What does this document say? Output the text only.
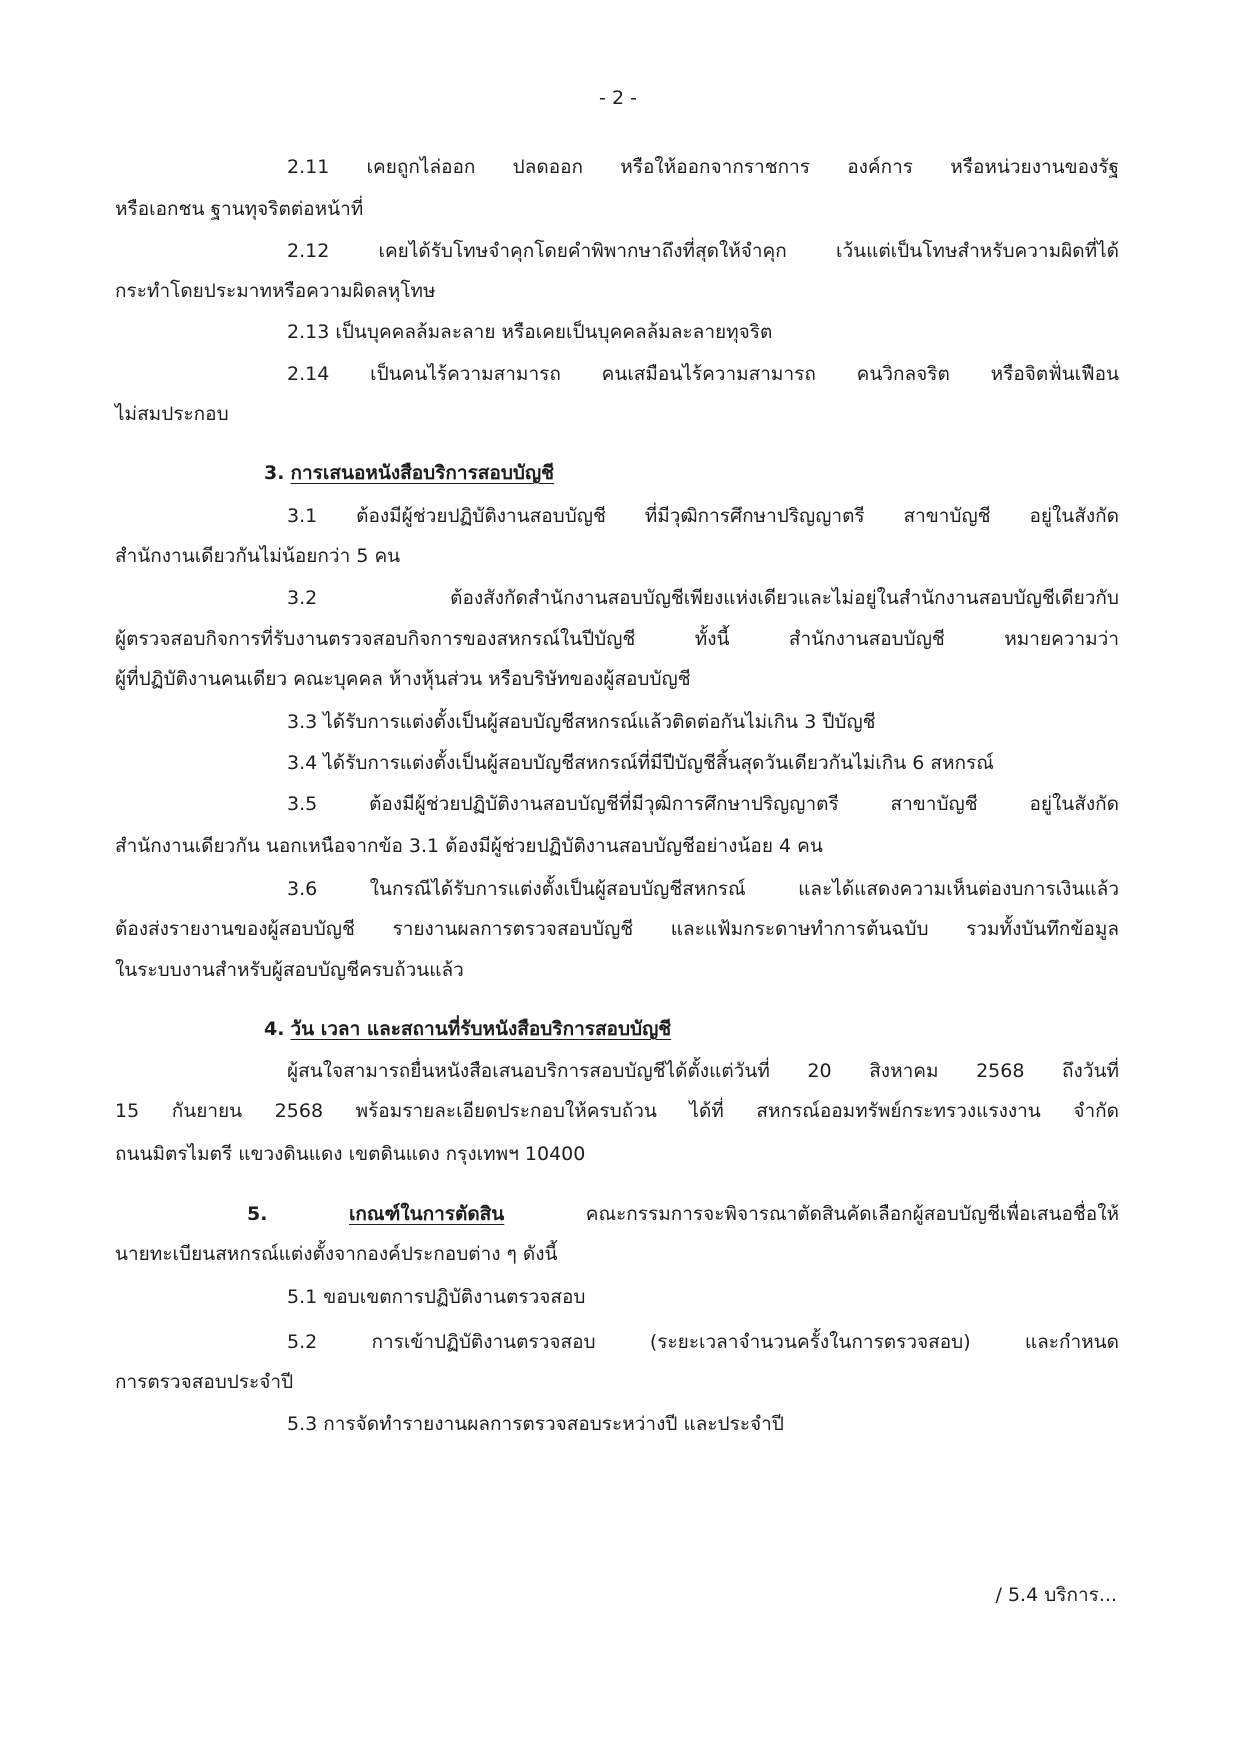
- 2 -
2.11 เคยถูกไล่ออก ปลดออก หรือให้ออกจากราชการ องค์การ หรือหน่วยงานของรัฐ
หรือเอกชน ฐานทุจริตต่อหน้าที่
2.12 เคยได้รับโทษจำคุกโดยคำพิพากษาถึงที่สุดให้จำคุก เว้นแต่เป็นโทษสำหรับความผิดที่ได้
กระทำโดยประมาทหรือความผิดลหุโทษ
2.13 เป็นบุคคลล้มละลาย หรือเคยเป็นบุคคลล้มละลายทุจริต
2.14 เป็นคนไร้ความสามารถ คนเสมือนไร้ความสามารถ คนวิกลจริต หรือจิตฟั่นเฟือน
ไม่สมประกอบ
3. การเสนอหนังสือบริการสอบบัญชี
3.1 ต้องมีผู้ช่วยปฏิบัติงานสอบบัญชี ที่มีวุฒิการศึกษาปริญญาตรี สาขาบัญชี อยู่ในสังกัด
สำนักงานเดียวกันไม่น้อยกว่า 5 คน
3.2 ต้องสังกัดสำนักงานสอบบัญชีเพียงแห่งเดียวและไม่อยู่ในสำนักงานสอบบัญชีเดียวกับ
ผู้ตรวจสอบกิจการที่รับงานตรวจสอบกิจการของสหกรณ์ในปีบัญชี ทั้งนี้ สำนักงานสอบบัญชี หมายความว่า
ผู้ที่ปฏิบัติงานคนเดียว คณะบุคคล ห้างหุ้นส่วน หรือบริษัทของผู้สอบบัญชี
3.3 ได้รับการแต่งตั้งเป็นผู้สอบบัญชีสหกรณ์แล้วติดต่อกันไม่เกิน 3 ปีบัญชี
3.4 ได้รับการแต่งตั้งเป็นผู้สอบบัญชีสหกรณ์ที่มีปีบัญชีสิ้นสุดวันเดียวกันไม่เกิน 6 สหกรณ์
3.5 ต้องมีผู้ช่วยปฏิบัติงานสอบบัญชีที่มีวุฒิการศึกษาปริญญาตรี สาขาบัญชี อยู่ในสังกัด
สำนักงานเดียวกัน นอกเหนือจากข้อ 3.1 ต้องมีผู้ช่วยปฏิบัติงานสอบบัญชีอย่างน้อย 4 คน
3.6 ในกรณีได้รับการแต่งตั้งเป็นผู้สอบบัญชีสหกรณ์ และได้แสดงความเห็นต่องบการเงินแล้ว
ต้องส่งรายงานของผู้สอบบัญชี รายงานผลการตรวจสอบบัญชี และแฟ้มกระดาษทำการต้นฉบับ รวมทั้งบันทึกข้อมูล
ในระบบงานสำหรับผู้สอบบัญชีครบถ้วนแล้ว
4. วัน เวลา และสถานที่รับหนังสือบริการสอบบัญชี
ผู้สนใจสามารถยื่นหนังสือเสนอบริการสอบบัญชีได้ตั้งแต่วันที่ 20 สิงหาคม 2568 ถึงวันที่
15 กันยายน 2568 พร้อมรายละเอียดประกอบให้ครบถ้วน ได้ที่ สหกรณ์ออมทรัพย์กระทรวงแรงงาน จำกัด
ถนนมิตรไมตรี แขวงดินแดง เขตดินแดง กรุงเทพฯ 10400
5.	เกณฑ์ในการตัดสิน	คณะกรรมการจะพิจารณาตัดสินคัดเลือกผู้สอบบัญชีเพื่อเสนอชื่อให้
นายทะเบียนสหกรณ์แต่งตั้งจากองค์ประกอบต่าง ๆ ดังนี้
5.1 ขอบเขตการปฏิบัติงานตรวจสอบ
5.2 การเข้าปฏิบัติงานตรวจสอบ (ระยะเวลาจำนวนครั้งในการตรวจสอบ) และกำหนด
การตรวจสอบประจำปี
5.3 การจัดทำรายงานผลการตรวจสอบระหว่างปี และประจำปี
/ 5.4 บริการ...
